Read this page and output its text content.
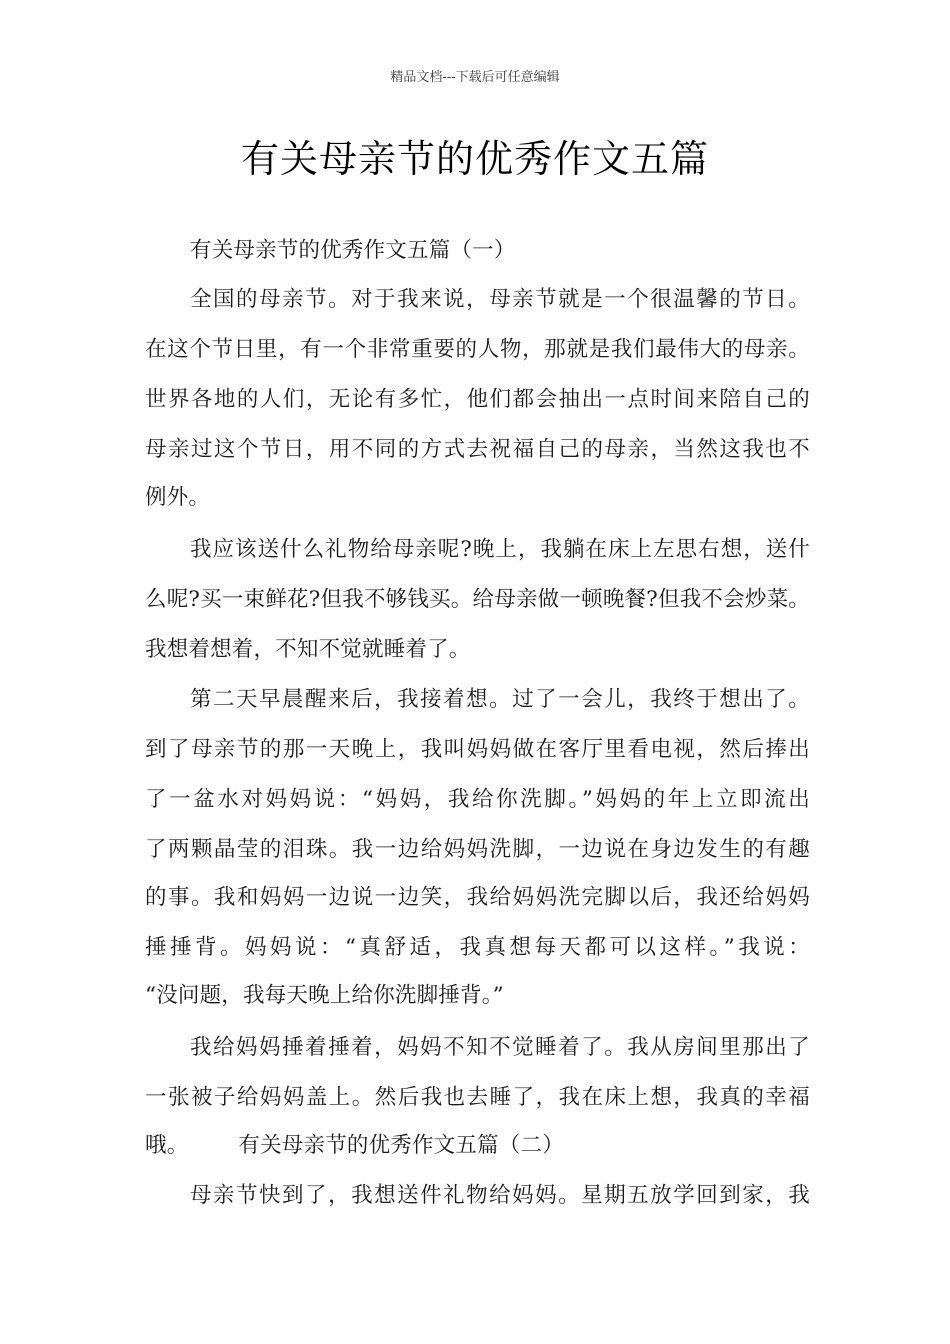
精品文档---下载后可任意编辑
有关母亲节的优秀作文五篇
有关母亲节的优秀作文五篇（一）
全国的母亲节。对于我来说，母亲节就是一个很温馨的节日。
在这个节日里，有一个非常重要的人物，那就是我们最伟大的母亲。
世界各地的人们，无论有多忙，他们都会抽出一点时间来陪自己的
母亲过这个节日，用不同的方式去祝福自己的母亲，当然这我也不
例外。
我应该送什么礼物给母亲呢?晚上，我躺在床上左思右想，送什
么呢?买一束鲜花?但我不够钱买。给母亲做一顿晚餐?但我不会炒菜。
我想着想着，不知不觉就睡着了。
第二天早晨醒来后，我接着想。过了一会儿，我终于想出了。
到了母亲节的那一天晚上，我叫妈妈做在客厅里看电视，然后捧出
了一盆水对妈妈说：“妈妈，我给你洗脚。”妈妈的年上立即流出
了两颗晶莹的泪珠。我一边给妈妈洗脚，一边说在身边发生的有趣
的事。我和妈妈一边说一边笑，我给妈妈洗完脚以后，我还给妈妈
捶捶背。妈妈说：“真舒适，我真想每天都可以这样。”我说：
“没问题，我每天晚上给你洗脚捶背。”
我给妈妈捶着捶着，妈妈不知不觉睡着了。我从房间里那出了
一张被子给妈妈盖上。然后我也去睡了，我在床上想，我真的幸福
哦。 有关母亲节的优秀作文五篇（二）
母亲节快到了，我想送件礼物给妈妈。星期五放学回到家，我
